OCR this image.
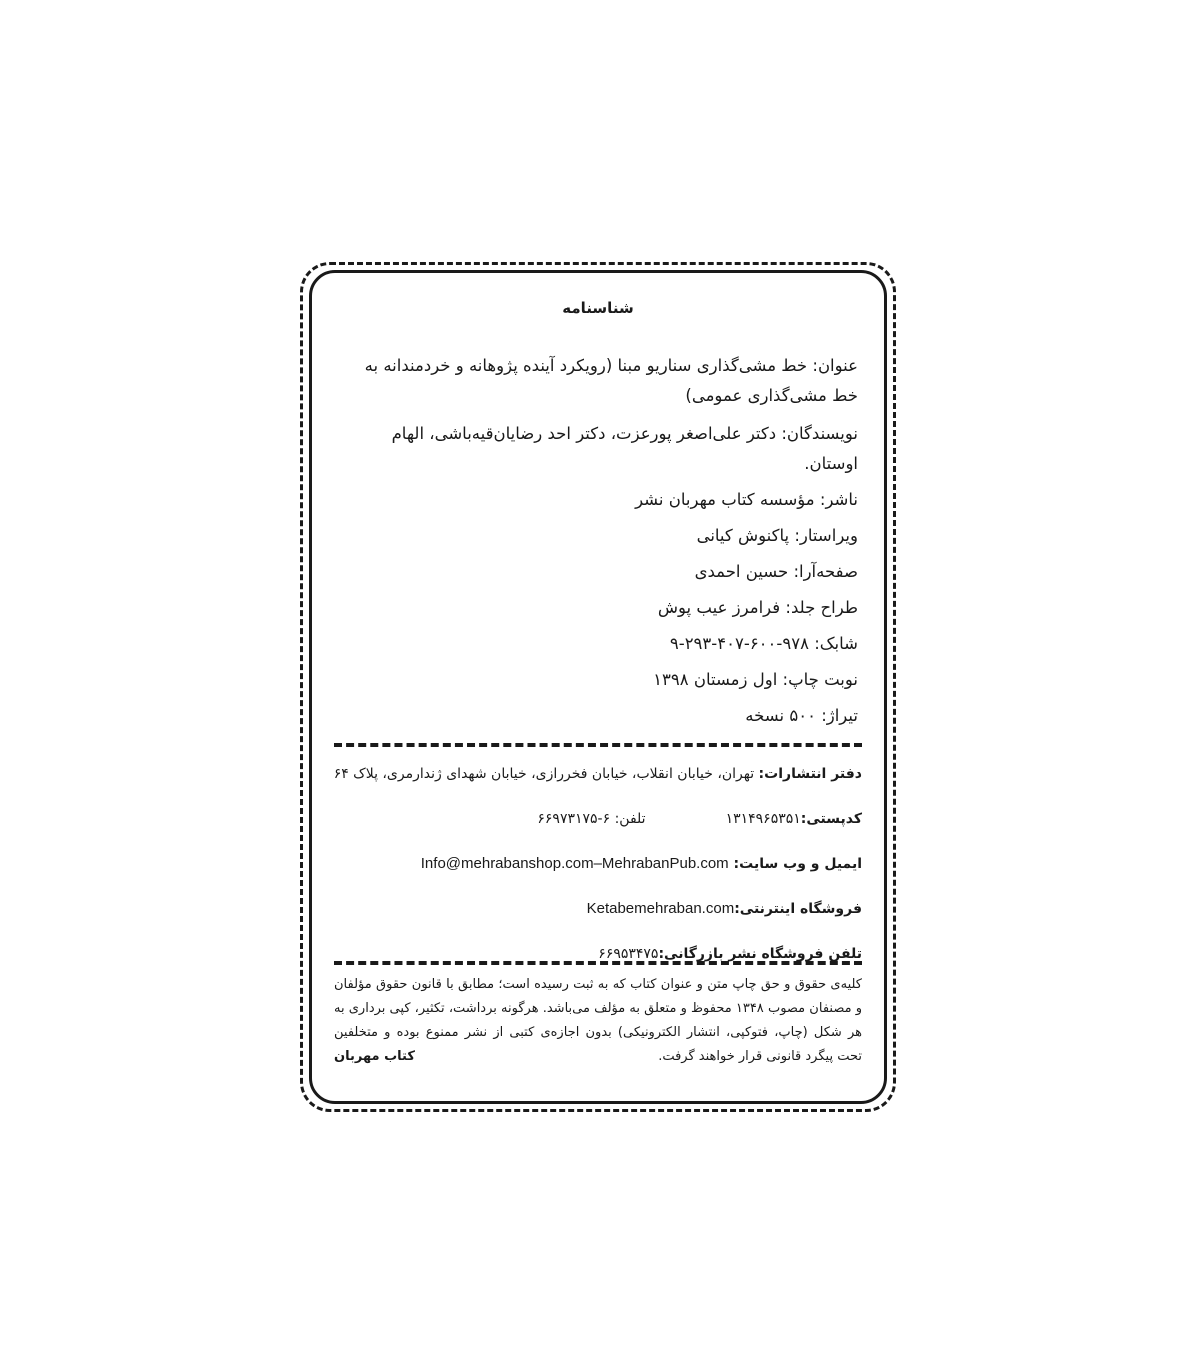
شناسنامه
عنوان: خط مشی‌گذاری سناریو مبنا (رویکرد آینده پژوهانه و خردمندانه به خط مشی‌گذاری عمومی)
نویسندگان: دکتر علی‌اصغر پورعزت، دکتر احد رضایان‌قیه‌باشی، الهام اوستان.
ناشر: مؤسسه کتاب مهربان نشر
ویراستار: پاکنوش کیانی
صفحه‌آرا: حسین احمدی
طراح جلد: فرامرز عیب پوش
شابک: ۹۷۸-۶۰۰-۴۰۷-۲۹۳-۹
نوبت چاپ: اول زمستان ۱۳۹۸
تیراژ: ۵۰۰ نسخه
دفتر انتشارات: تهران، خیابان انقلاب، خیابان فخررازی، خیابان شهدای ژندارمری، پلاک ۶۴
کدپستی:۱۳۱۴۹۶۵۳۵۱تلفن: ۶-۶۶۹۷۳۱۷۵
ایمیل و وب سایت: Info@mehrabanshop.com–MehrabanPub.com
فروشگاه اینترنتی:Ketabemehraban.com
تلفن فروشگاه نشر بازرگانی:۶۶۹۵۳۴۷۵
کلیه‌ی حقوق و حق چاپ متن و عنوان کتاب که به ثبت رسیده است؛ مطابق با قانون حقوق مؤلفان و مصنفان مصوب ۱۳۴۸ محفوظ و متعلق به مؤلف می‌باشد. هرگونه برداشت، تکثیر، کپی برداری به هر شکل (چاپ، فتوکپی، انتشار الکترونیکی) بدون اجازه‌ی کتبی از نشر ممنوع بوده و متخلفین تحت پیگرد قانونی قرار خواهند گرفت.
کتاب مهربان
